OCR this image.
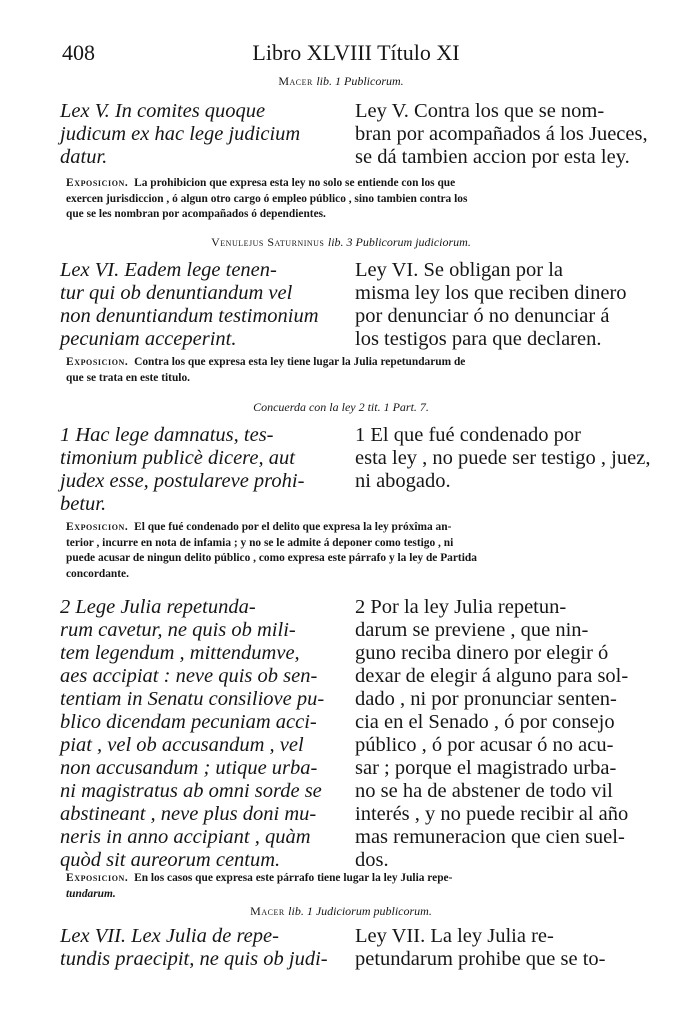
408	Libro XLVIII Título XI
Macer lib. 1 Publicorum.
Lex V. In comites quoque
judicum ex hac lege judicium
datur.
Ley V. Contra los que se nom-
bran por acompañados á los Jueces,
se dá tambien accion por esta ley.
Exposicion. La prohibicion que expresa esta ley no solo se entiende con los que
exercen jurisdiccion , ó algun otro cargo ó empleo público , sino tambien contra los
que se les nombran por acompañados ó dependientes.
Venulejus Saturninus lib. 3 Publicorum judiciorum.
Lex VI. Eadem lege tenen-
tur qui ob denuntiandum vel
non denuntiandum testimonium
pecuniam acceperint.
Ley VI. Se obligan por la
misma ley los que reciben dinero
por denunciar ó no denunciar á
los testigos para que declaren.
Exposicion. Contra los que expresa esta ley tiene lugar la Julia repetundarum de
que se trata en este titulo.
Concuerda con la ley 2 tit. 1 Part. 7.
1 Hac lege damnatus, tes-
timonium publicè dicere, aut
judex esse, postulareve prohi-
betur.
1 El que fué condenado por
esta ley , no puede ser testigo , juez,
ni abogado.
Exposicion. El que fué condenado por el delito que expresa la ley próxîma an-
terior , incurre en nota de infamia ; y no se le admite á deponer como testigo , ni
puede acusar de ningun delito público , como expresa este párrafo y la ley de Partida
concordante.
2 Lege Julia repetunda-
rum cavetur, ne quis ob mili-
tem legendum , mittendumve,
aes accipiat : neve quis ob sen-
tentiam in Senatu consiliove pu-
blico dicendam pecuniam acci-
piat , vel ob accusandum , vel
non accusandum ; utique urba-
ni magistratus ab omni sorde se
abstineant , neve plus doni mu-
neris in anno accipiant , quàm
quòd sit aureorum centum.
2 Por la ley Julia repetun-
darum se previene , que nin-
guno reciba dinero por elegir ó
dexar de elegir á alguno para sol-
dado , ni por pronunciar senten-
cia en el Senado , ó por consejo
público , ó por acusar ó no acu-
sar ; porque el magistrado urba-
no se ha de abstener de todo vil
interés , y no puede recibir al año
mas remuneracion que cien suel-
dos.
Exposicion. En los casos que expresa este párrafo tiene lugar la ley Julia repe-
tundarum.
Macer lib. 1 Judiciorum publicorum.
Lex VII. Lex Julia de repe-
tundis praecipit, ne quis ob judi-
Ley VII. La ley Julia re-
petundarum prohibe que se to-
